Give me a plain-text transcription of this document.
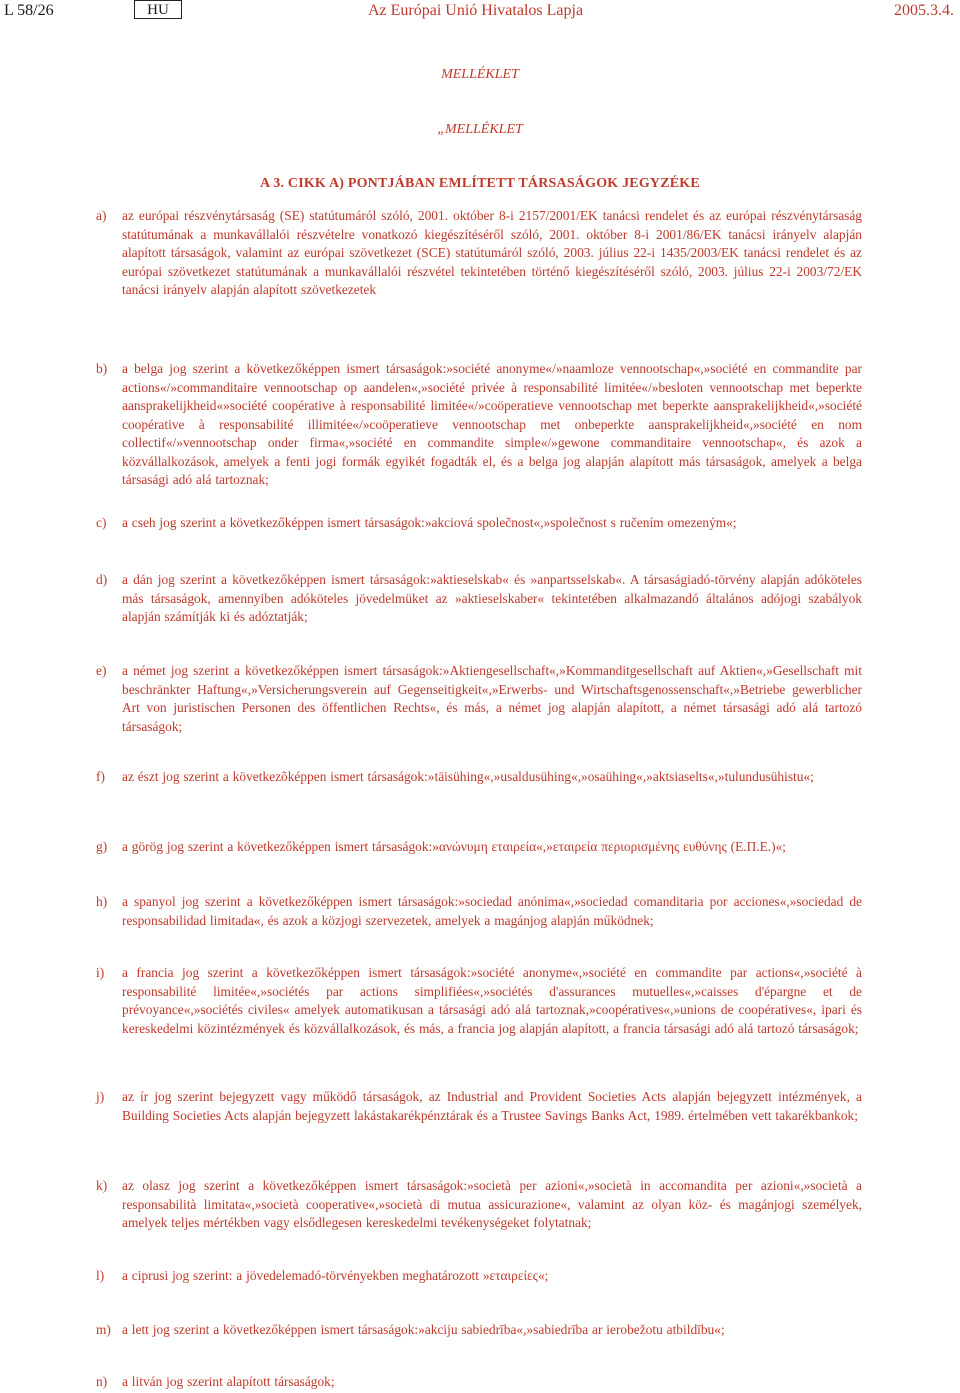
L 58/26	HU	Az Európai Unió Hivatalos Lapja	2005.3.4.
MELLÉKLET
„MELLÉKLET
A 3. CIKK A) PONTJÁBAN EMLÍTETT TÁRSASÁGOK JEGYZÉKE
a)	az európai részvénytársaság (SE) statútumáról szóló, 2001. október 8-i 2157/2001/EK tanácsi rendelet és az európai részvénytársaság statútumának a munkavállalói részvételre vonatkozó kiegészítéséről szóló, 2001. október 8-i 2001/86/EK tanácsi irányelv alapján alapított társaságok, valamint az európai szövetkezet (SCE) statútumáról szóló, 2003. július 22-i 1435/2003/EK tanácsi rendelet és az európai szövetkezet statútumának a munkavállalói részvétel tekintetében történő kiegészítéséről szóló, 2003. július 22-i 2003/72/EK tanácsi irányelv alapján alapított szövetkezetek
b)	a belga jog szerint a következőképpen ismert társaságok:»société anonyme«/»naamloze vennootschap«,»société en commandite par actions«/»commanditaire vennootschap op aandelen«,»société privée à responsabilité limitée«/»besloten vennootschap met beperkte aansprakelijkheid«»société coopérative à responsabilité limitée«/»coöperatieve vennootschap met beperkte aansprakelijkheid«,»société coopérative à responsabilité illimitée«/»coöperatieve vennootschap met onbeperkte aansprakelijkheid«,»société en nom collectif«/»vennootschap onder firma«,»société en commandite simple«/»gewone commanditaire vennootschap«, és azok a közvállalkozások, amelyek a fenti jogi formák egyikét fogadták el, és a belga jog alapján alapított más társaságok, amelyek a belga társasági adó alá tartoznak;
c)	a cseh jog szerint a következőképpen ismert társaságok:»akciová společnost«,»společnost s ručením omezeným«;
d)	a dán jog szerint a következőképpen ismert társaságok:»aktieselskab« és »anpartsselskab«. A társaságiadó-törvény alapján adóköteles más társaságok, amennyiben adóköteles jövedelmüket az »aktieselskaber« tekintetében alkalmazandó általános adójogi szabályok alapján számítják ki és adóztatják;
e)	a német jog szerint a következőképpen ismert társaságok:»Aktiengesellschaft«,»Kommanditgesellschaft auf Aktien«,»Gesellschaft mit beschränkter Haftung«,»Versicherungsverein auf Gegenseitigkeit«,»Erwerbs- und Wirtschaftsgenossenschaft«,»Betriebe gewerblicher Art von juristischen Personen des öffentlichen Rechts«, és más, a német jog alapján alapított, a német társasági adó alá tartozó társaságok;
f)	az észt jog szerint a következõképpen ismert társaságok:»täisühing«,»usaldusühing«,»osaühing«,»aktsiaselts«,»tulundusühistu«;
g)	a görög jog szerint a következőképpen ismert társaságok:»ανώνυμη εταιρεία«,»εταιρεία περιορισμένης ευθύνης (Ε.Π.Ε.)«;
h)	a spanyol jog szerint a következőképpen ismert társaságok:»sociedad anónima«,»sociedad comanditaria por acciones«,»sociedad de responsabilidad limitada«, és azok a közjogi szervezetek, amelyek a magánjog alapján működnek;
i)	a francia jog szerint a következőképpen ismert társaságok:»société anonyme«,»société en commandite par actions«,»société à responsabilité limitée«,»sociétés par actions simplifiées«,»sociétés d'assurances mutuelles«,»caisses d'épargne et de prévoyance«,»sociétés civiles« amelyek automatikusan a társasági adó alá tartoznak,»coopératives«,»unions de coopératives«, ipari és kereskedelmi közintézmények és közvállalkozások, és más, a francia jog alapján alapított, a francia társasági adó alá tartozó társaságok;
j)	az ír jog szerint bejegyzett vagy működő társaságok, az Industrial and Provident Societies Acts alapján bejegyzett intézmények, a Building Societies Acts alapján bejegyzett lakástakarékpénztárak és a Trustee Savings Banks Act, 1989. értelmében vett takarékbankok;
k)	az olasz jog szerint a következőképpen ismert társaságok:»società per azioni«,»società in accomandita per azioni«,»società a responsabilità limitata«,»società cooperative«,»società di mutua assicurazione«, valamint az olyan köz- és magánjogi személyek, amelyek teljes mértékben vagy elsődlegesen kereskedelmi tevékenységeket folytatnak;
l)	a ciprusi jog szerint: a jövedelemadó-törvényekben meghatározott »εταιρείες«;
m) a lett jog szerint a következőképpen ismert társaságok:»akciju sabiedrība«,»sabiedrība ar ierobežotu atbildību«;
n)	a litván jog szerint alapított társaságok;
